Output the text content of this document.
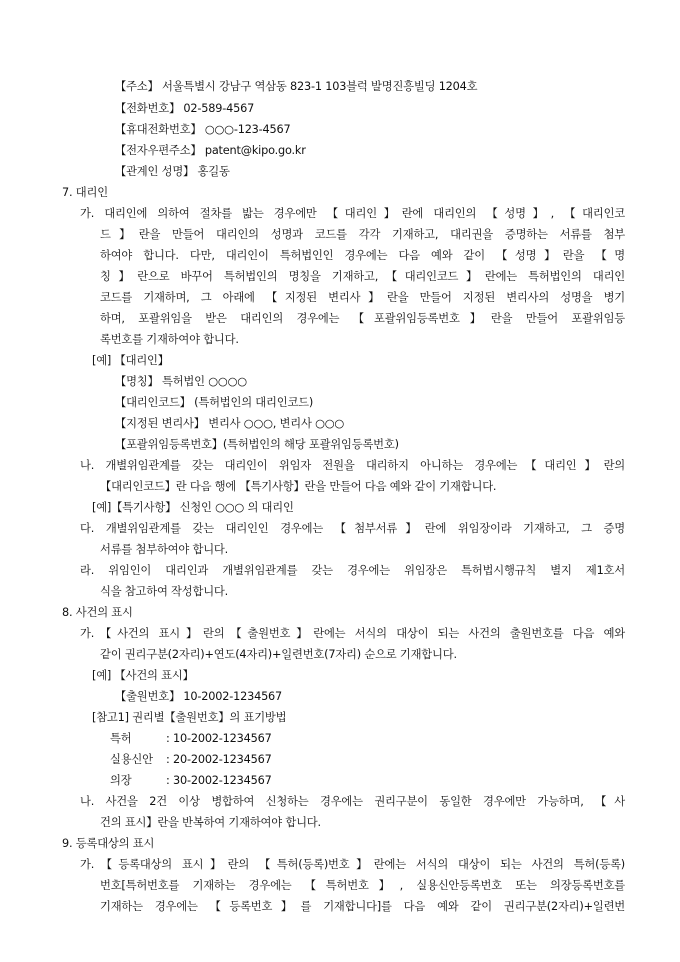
【주소】 서울특별시 강남구 역삼동 823-1 103블럭 발명진흥빌딩 1204호
【전화번호】 02-589-4567
【휴대전화번호】 ○○○-123-4567
【전자우편주소】 patent@kipo.go.kr
【관계인 성명】 홍길동
7. 대리인
가. 대리인에 의하여 절차를 밟는 경우에만 【대리인】란에 대리인의 【성명】, 【대리인코
드】란을 만들어 대리인의 성명과 코드를 각각 기재하고, 대리권을 증명하는 서류를 첨부
하여야 합니다. 다만, 대리인이 특허법인인 경우에는 다음 예와 같이 【성명】란을 【명
칭】란으로 바꾸어 특허법인의 명칭을 기재하고,【대리인코드】란에는 특허법인의 대리인
코드를 기재하며, 그 아래에 【지정된 변리사】란을 만들어 지정된 변리사의 성명을 병기
하며, 포괄위임을 받은 대리인의 경우에는 【포괄위임등록번호】란을 만들어 포괄위임등
록번호를 기재하여야 합니다.
[예] 【대리인】
【명칭】 특허법인 ○○○○
【대리인코드】 (특허법인의 대리인코드)
【지정된 변리사】 변리사 ○○○, 변리사 ○○○
【포괄위임등록번호】(특허법인의 해당 포괄위임등록번호)
나. 개별위임관계를 갖는 대리인이 위임자 전원을 대리하지 아니하는 경우에는【대리인】란의
【대리인코드】란 다음 행에 【특기사항】란을 만들어 다음 예와 같이 기재합니다.
[예]【특기사항】 신청인 ○○○ 의 대리인
다. 개별위임관계를 갖는 대리인인 경우에는 【첨부서류】란에 위임장이라 기재하고, 그 증명
서류를 첨부하여야 합니다.
라. 위임인이 대리인과 개별위임관계를 갖는 경우에는 위임장은 특허법시행규칙 별지 제1호서
식을 참고하여 작성합니다.
8. 사건의 표시
가.【사건의 표시】란의【출원번호】란에는 서식의 대상이 되는 사건의 출원번호를 다음 예와
같이 권리구분(2자리)+연도(4자리)+일련번호(7자리) 순으로 기재합니다.
[예] 【사건의 표시】
【출원번호】 10-2002-1234567
[참고1] 권리별【출원번호】의 표기방법
특허	: 10-2002-1234567
실용신안 : 20-2002-1234567
의장	: 30-2002-1234567
나. 사건을 2건 이상 병합하여 신청하는 경우에는 권리구분이 동일한 경우에만 가능하며, 【사
건의 표시】란을 반복하여 기재하여야 합니다.
9. 등록대상의 표시
가.【등록대상의 표시】란의 【특허(등록)번호】란에는 서식의 대상이 되는 사건의 특허(등록)
번호[특허번호를 기재하는 경우에는 【특허번호】, 실용신안등록번호 또는 의장등록번호를
기재하는 경우에는 【등록번호】를 기재합니다]를 다음 예와 같이 권리구분(2자리)+일련번
